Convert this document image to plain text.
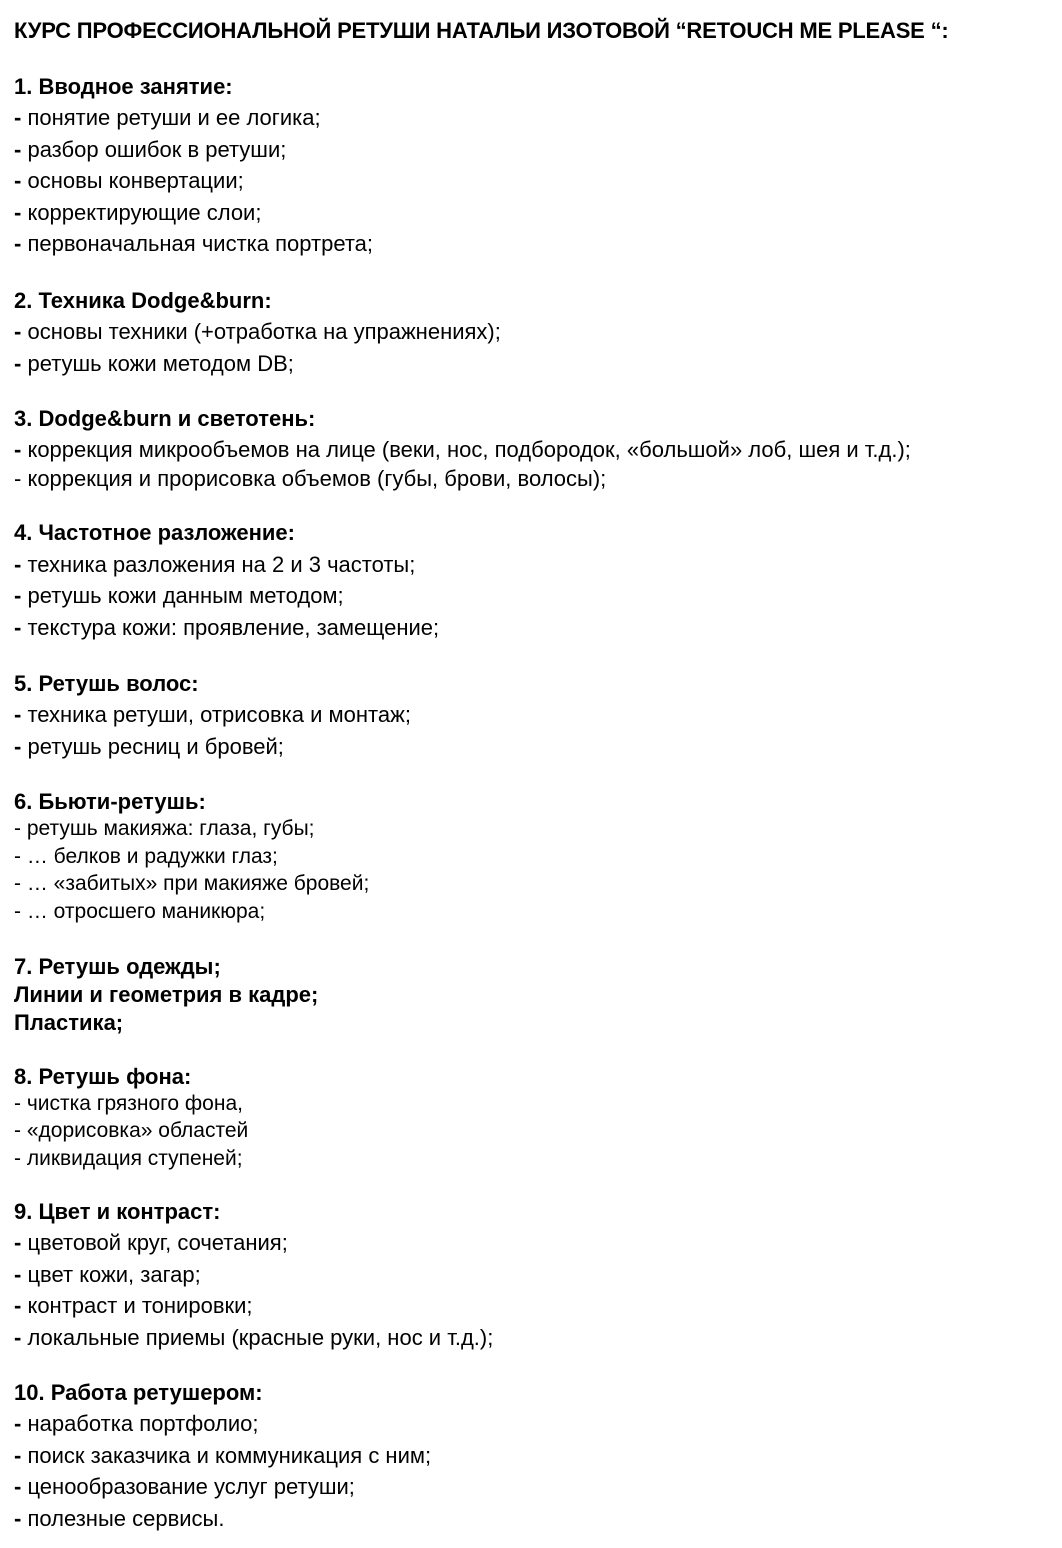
КУРС ПРОФЕССИОНАЛЬНОЙ РЕТУШИ НАТАЛЬИ ИЗОТОВОЙ “RETOUCH ME PLEASE “:
1. Вводное занятие:
- понятие ретуши и ее логика;
- разбор ошибок в ретуши;
- основы конвертации;
- корректирующие слои;
- первоначальная чистка портрета;
2. Техника Dodge&burn:
- основы техники (+отработка на упражнениях);
- ретушь кожи методом DB;
3. Dodge&burn и светотень:
- коррекция микрообъемов на лице (веки, нос, подбородок, «большой» лоб, шея и т.д.);
- коррекция и прорисовка объемов (губы, брови, волосы);
4. Частотное разложение:
- техника разложения на 2 и 3 частоты;
- ретушь кожи данным методом;
- текстура кожи: проявление, замещение;
5. Ретушь волос:
- техника ретуши, отрисовка и монтаж;
- ретушь ресниц и бровей;
6. Бьюти-ретушь:
- ретушь макияжа: глаза, губы;
- … белков и радужки глаз;
- … «забитых» при макияже бровей;
- … отросшего маникюра;
7. Ретушь одежды;
Линии и геометрия в кадре;
Пластика;
8. Ретушь фона:
- чистка грязного фона,
- «дорисовка» областей
- ликвидация ступеней;
9. Цвет и контраст:
- цветовой круг, сочетания;
- цвет кожи, загар;
- контраст и тонировки;
- локальные приемы (красные руки, нос и т.д.);
10. Работа ретушером:
- наработка портфолио;
- поиск заказчика и коммуникация с ним;
- ценообразование услуг ретуши;
- полезные сервисы.
